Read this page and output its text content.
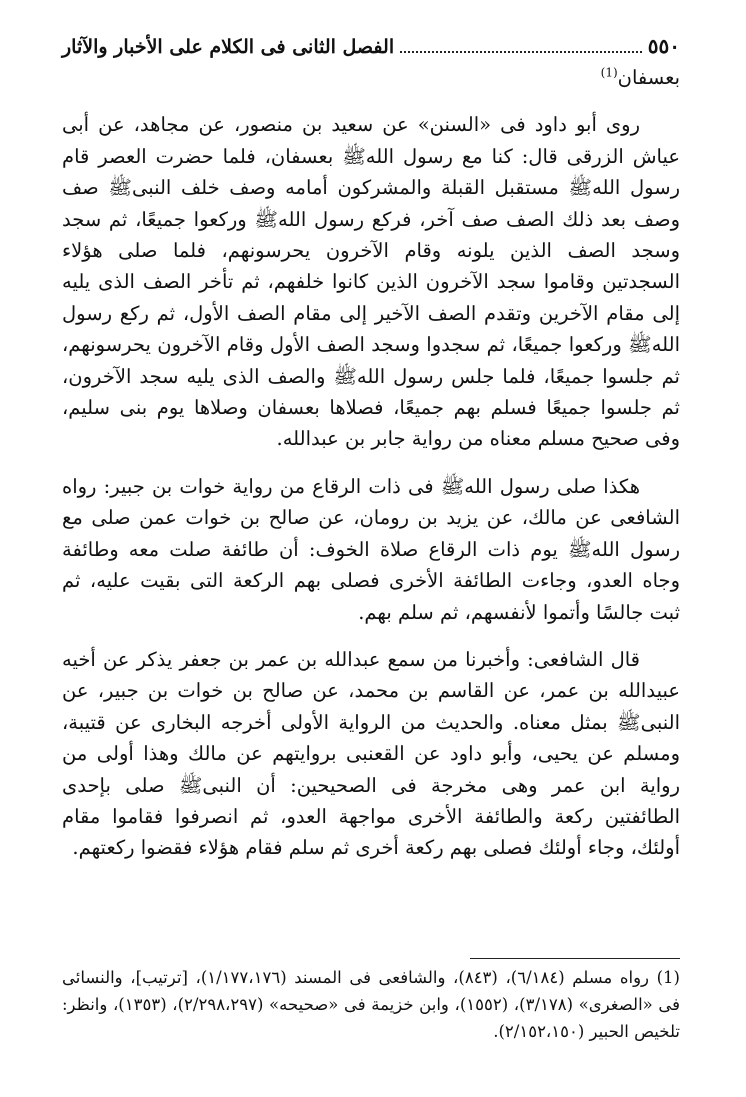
٥٥٠
الفصل الثانى فى الكلام على الأخبار والآثار

بعسفان$^{(1)}$

روى أبو داود فى «السنن» عن سعيد بن منصور، عن مجاهد، عن أبى عياش الزرقى قال: كنا مع رسول اللهﷺ بعسفان، فلما حضرت العصر قام رسول اللهﷺ مستقبل القبلة والمشركون أمامه وصف خلف النبىﷺ صف وصف بعد ذلك الصف صف آخر، فركع رسول اللهﷺ وركعوا جميعًا، ثم سجد وسجد الصف الذين يلونه وقام الآخرون يحرسونهم، فلما صلى هؤلاء السجدتين وقاموا سجد الآخرون الذين كانوا خلفهم، ثم تأخر الصف الذى يليه إلى مقام الآخرين وتقدم الصف الآخير إلى مقام الصف الأول، ثم ركع رسول اللهﷺ وركعوا جميعًا، ثم سجدوا وسجد الصف الأول وقام الآخرون يحرسونهم، ثم جلسوا جميعًا، فلما جلس رسول اللهﷺ والصف الذى يليه سجد الآخرون، ثم جلسوا جميعًا فسلم بهم جميعًا، فصلاها بعسفان وصلاها يوم بنى سليم، وفى صحيح مسلم معناه من رواية جابر بن عبدالله.

هكذا صلى رسول اللهﷺ فى ذات الرقاع من رواية خوات بن جبير: رواه الشافعى عن مالك، عن يزيد بن رومان، عن صالح بن خوات عمن صلى مع رسول اللهﷺ يوم ذات الرقاع صلاة الخوف: أن طائفة صلت معه وطائفة وجاه العدو، وجاءت الطائفة الأخرى فصلى بهم الركعة التى بقيت عليه، ثم ثبت جالسًا وأتموا لأنفسهم، ثم سلم بهم.

قال الشافعى: وأخبرنا من سمع عبدالله بن عمر بن جعفر يذكر عن أخيه عبيدالله بن عمر، عن القاسم بن محمد، عن صالح بن خوات بن جبير، عن النبىﷺ بمثل معناه. والحديث من الرواية الأولى أخرجه البخارى عن قتيبة، ومسلم عن يحيى، وأبو داود عن القعنبى بروايتهم عن مالك وهذا أولى من رواية ابن عمر وهى مخرجة فى الصحيحين: أن النبىﷺ صلى بإحدى الطائفتين ركعة والطائفة الأخرى مواجهة العدو، ثم انصرفوا فقاموا مقام أولئك، وجاء أولئك فصلى بهم ركعة أخرى ثم سلم فقام هؤلاء فقضوا ركعتهم.

(1) رواه مسلم (٦/١٨٤)، (٨٤٣)، والشافعى فى المسند (١/١٧٧،١٧٦)، [ترتيب]، والنسائى فى «الصغرى» (٣/١٧٨)، (١٥٥٢)، وابن خزيمة فى «صحيحه» (٢/٢٩٨،٢٩٧)، (١٣٥٣)، وانظر: تلخيص الحبير (٢/١٥٢،١٥٠).
